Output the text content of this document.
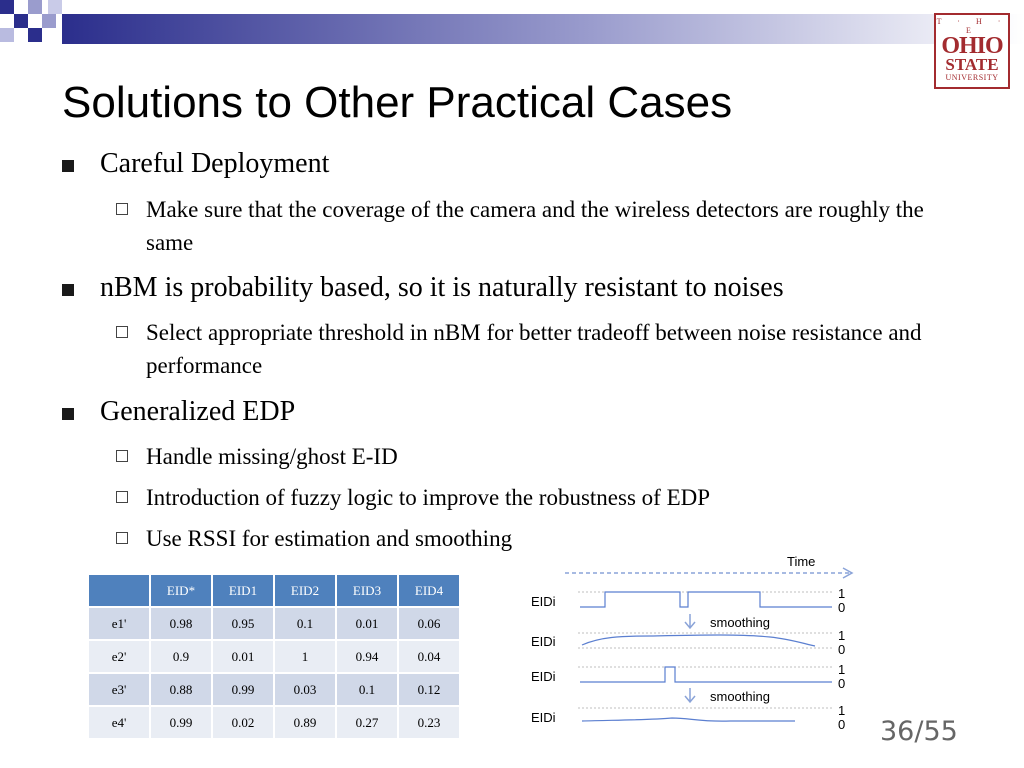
T · H · E
OHIO
STATE
UNIVERSITY
Solutions to Other Practical Cases
Careful Deployment
Make sure that the coverage of the camera and the wireless detectors are roughly the same
nBM is probability based, so it is naturally resistant to noises
Select appropriate threshold in nBM for better tradeoff between noise resistance and performance
Generalized EDP
Handle missing/ghost E-ID
Introduction of fuzzy logic to improve the robustness of EDP
Use RSSI for estimation and smoothing
	EID*	EID1	EID2	EID3	EID4
e1'	0.98	0.95	0.1	0.01	0.06
e2'	0.9	0.01	1	0.94	0.04
e3'	0.88	0.99	0.03	0.1	0.12
e4'	0.99	0.02	0.89	0.27	0.23
Time
EIDi
1
0
smoothing
EIDi	1
0
EIDi	1
0
smoothing
EIDi	1
0 36/55
